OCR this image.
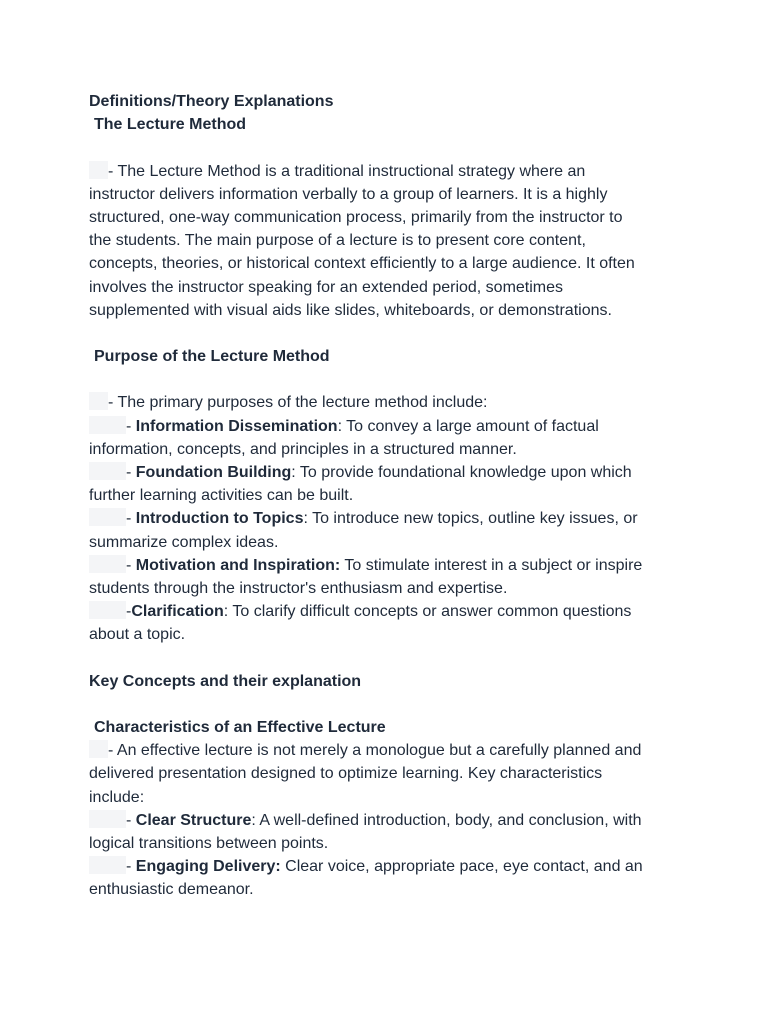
Definitions/Theory Explanations
The Lecture Method
- The Lecture Method is a traditional instructional strategy where an
instructor delivers information verbally to a group of learners. It is a highly
structured, one-way communication process, primarily from the instructor to
the students. The main purpose of a lecture is to present core content,
concepts, theories, or historical context efficiently to a large audience. It often
involves the instructor speaking for an extended period, sometimes
supplemented with visual aids like slides, whiteboards, or demonstrations.
Purpose of the Lecture Method
- The primary purposes of the lecture method include:
- Information Dissemination: To convey a large amount of factual
information, concepts, and principles in a structured manner.
- Foundation Building: To provide foundational knowledge upon which
further learning activities can be built.
- Introduction to Topics: To introduce new topics, outline key issues, or
summarize complex ideas.
- Motivation and Inspiration: To stimulate interest in a subject or inspire
students through the instructor's enthusiasm and expertise.
-Clarification: To clarify difficult concepts or answer common questions
about a topic.
Key Concepts and their explanation
Characteristics of an Effective Lecture
- An effective lecture is not merely a monologue but a carefully planned and
delivered presentation designed to optimize learning. Key characteristics
include:
- Clear Structure: A well-defined introduction, body, and conclusion, with
logical transitions between points.
- Engaging Delivery: Clear voice, appropriate pace, eye contact, and an
enthusiastic demeanor.
